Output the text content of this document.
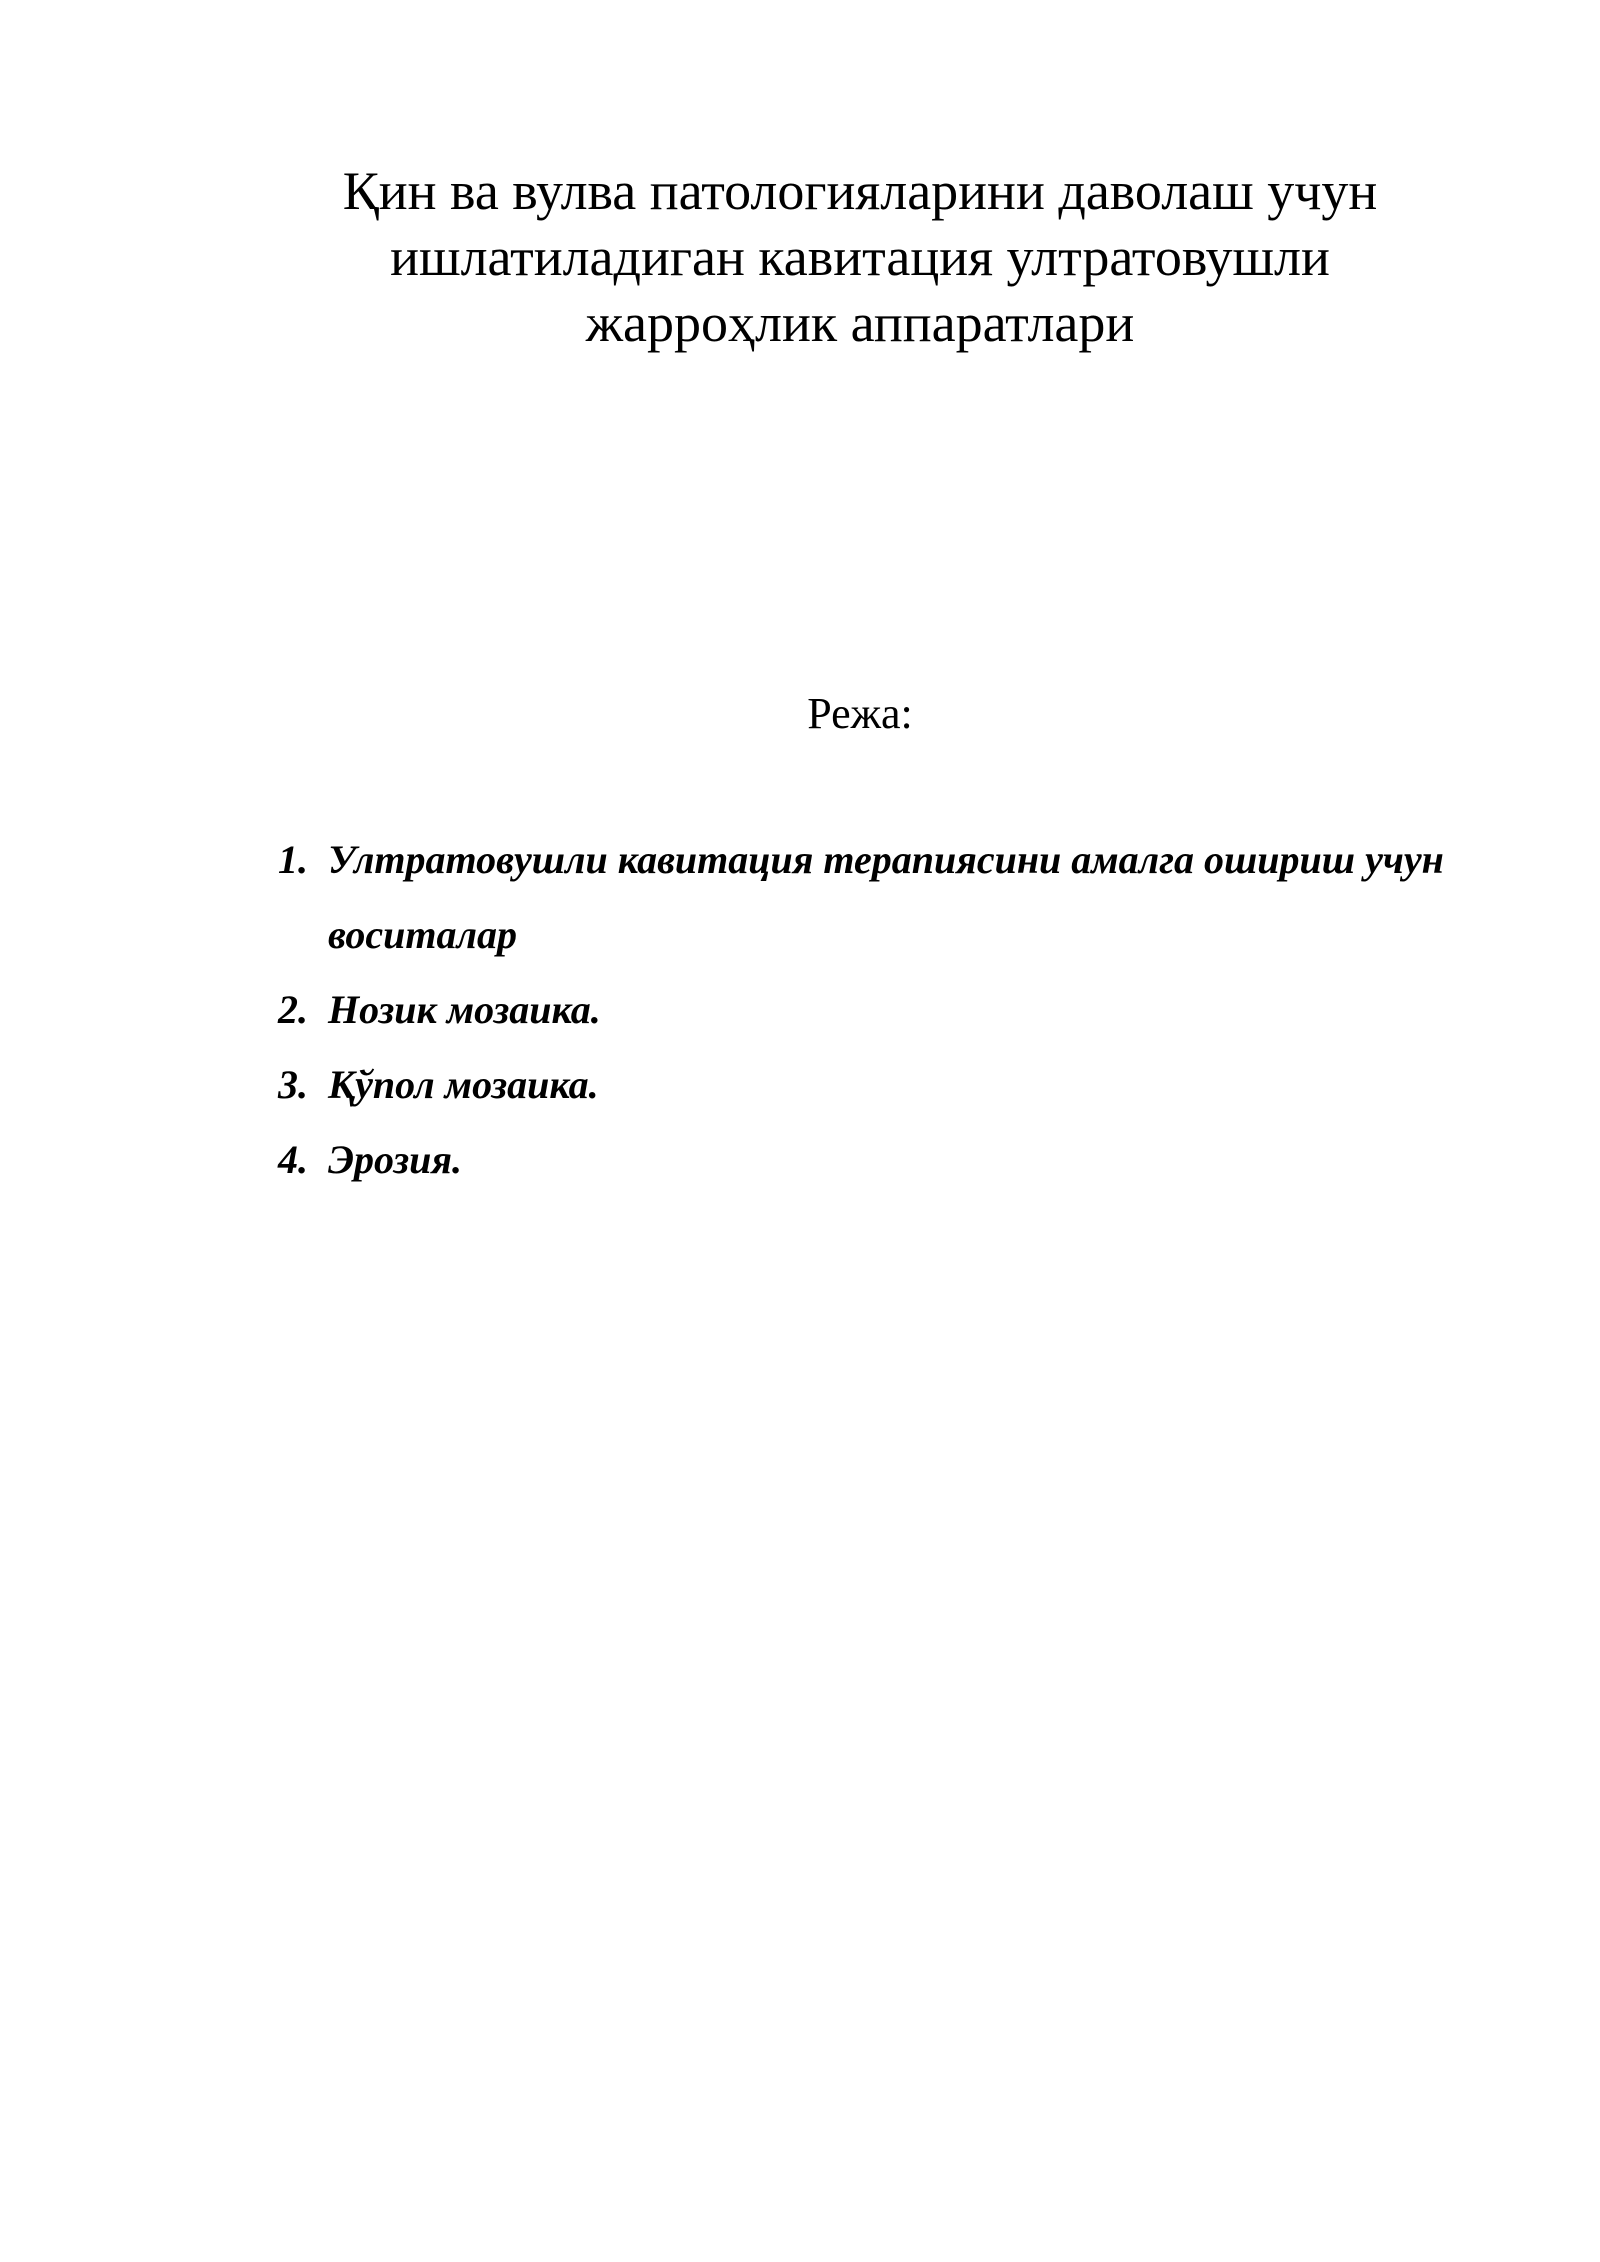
Қин ва вулва патологияларини даволаш учун
ишлатиладиган кавитация ултратовушли
жарроҳлик аппаратлари
Режа:
1. Ултратовушли кавитация терапиясини амалга ошириш учун воситалар
2. Нозик мозаика.
3. Қўпол мозаика.
4. Эрозия.
